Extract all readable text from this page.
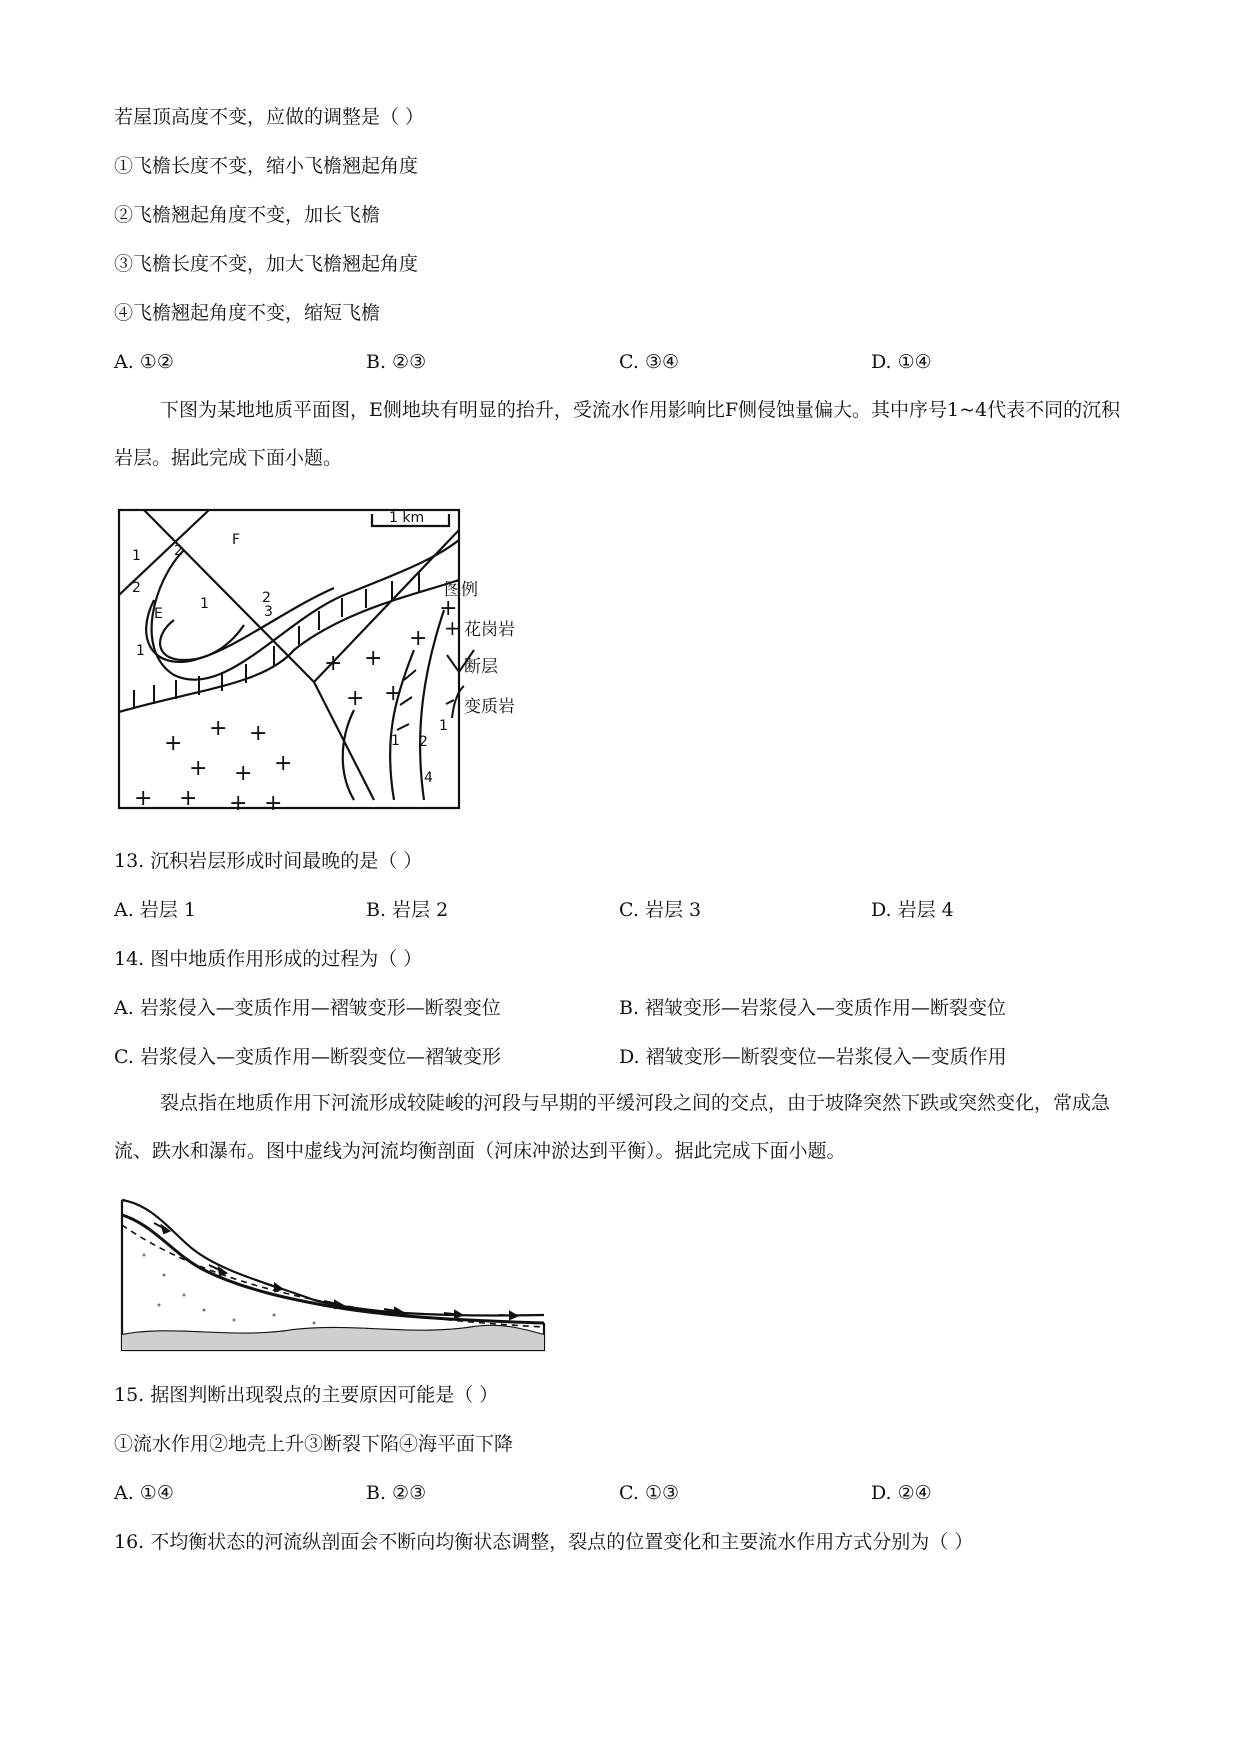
若屋顶高度不变，应做的调整是（ ）
①飞檐长度不变，缩小飞檐翘起角度
②飞檐翘起角度不变，加长飞檐
③飞檐长度不变，加大飞檐翘起角度
④飞檐翘起角度不变，缩短飞檐
A. ①②	B. ②③	C. ③④	D. ①④
下图为某地地质平面图，E侧地块有明显的抬升，受流水作用影响比F侧侵蚀量偏大。其中序号1~4代表不同的沉积岩层。据此完成下面小题。
+ +
+
+ +
+
+
+ +
+ + +
+ + + +
1 km
F
E
1 2
2
1	2
3
1
1 2
1
4
图例
+ 花岗岩
断层
变质岩
13. 沉积岩层形成时间最晚的是（ ）
A. 岩层 1	B. 岩层 2	C. 岩层 3	D. 岩层 4
14. 图中地质作用形成的过程为（ ）
A. 岩浆侵入—变质作用—褶皱变形—断裂变位	B. 褶皱变形—岩浆侵入—变质作用—断裂变位
C. 岩浆侵入—变质作用—断裂变位—褶皱变形	D. 褶皱变形—断裂变位—岩浆侵入—变质作用
裂点指在地质作用下河流形成较陡峻的河段与早期的平缓河段之间的交点，由于坡降突然下跌或突然变化，常成急流、跌水和瀑布。图中虚线为河流均衡剖面（河床冲淤达到平衡）。据此完成下面小题。
15. 据图判断出现裂点的主要原因可能是（ ）
①流水作用②地壳上升③断裂下陷④海平面下降
A. ①④	B. ②③	C. ①③	D. ②④
16. 不均衡状态的河流纵剖面会不断向均衡状态调整，裂点的位置变化和主要流水作用方式分别为（ ）
